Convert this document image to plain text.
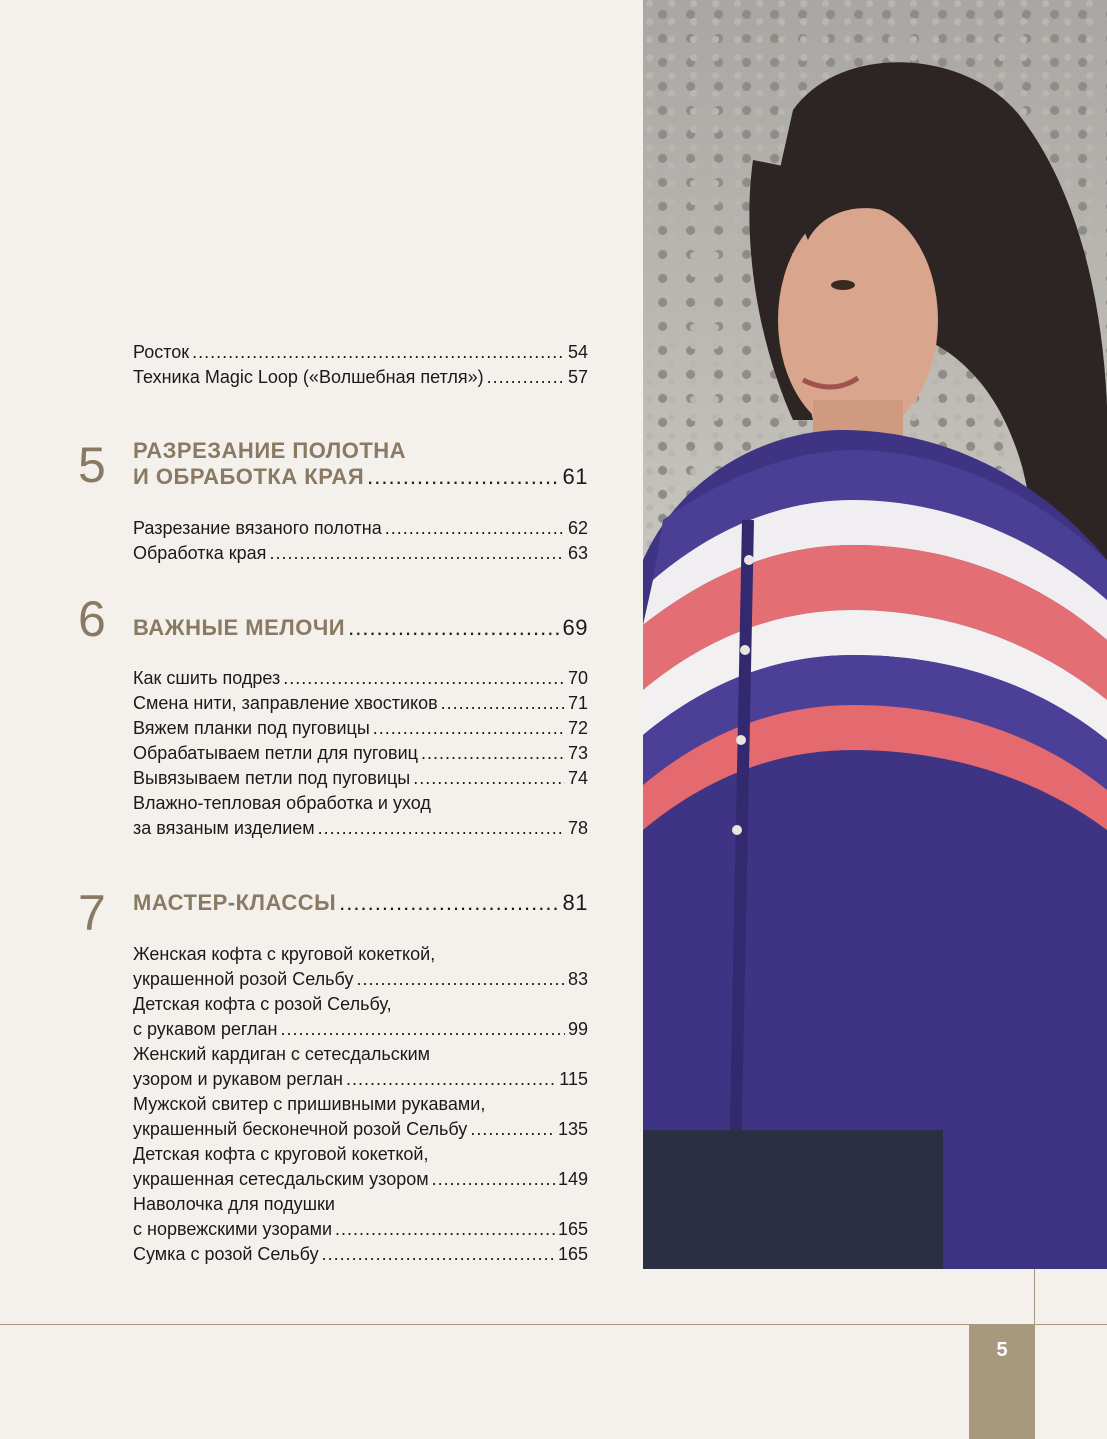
Росток .....	54
Техника Magic Loop («Волшебная петля») .....	57
5 РАЗРЕЗАНИЕ ПОЛОТНА
И ОБРАБОТКА КРАЯ .....	61
Разрезание вязаного полотна .....	62
Обработка края .....	63
6 ВАЖНЫЕ МЕЛОЧИ .....	69
Как сшить подрез .....	70
Смена нити, заправление хвостиков .....	71
Вяжем планки под пуговицы .....	72
Обрабатываем петли для пуговиц .....	73
Вывязываем петли под пуговицы .....	74
Влажно-тепловая обработка и уход
за вязаным изделием .....	78
7 МАСТЕР-КЛАССЫ .....	81
Женская кофта с круговой кокеткой,
украшенной розой Сельбу .....	83
Детская кофта с розой Сельбу,
с рукавом реглан .....	99
Женский кардиган с сетесдальским
узором и рукавом реглан .....	115
Мужской свитер с пришивными рукавами,
украшенный бесконечной розой Сельбу .....	135
Детская кофта с круговой кокеткой,
украшенная сетесдальским узором .....	149
Наволочка для подушки
с норвежскими узорами .....	165
Сумка с розой Сельбу .....	165
5
